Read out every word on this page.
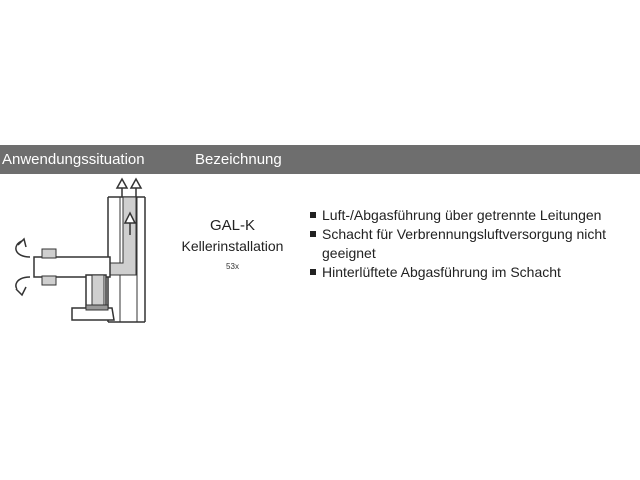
Anwendungssituation	Bezeichnung
GAL-K
Kellerinstallation
53x
Luft-/Abgasführung über getrennte Leitungen
Schacht für Verbrennungsluftversorgung nicht geeignet
Hinterlüftete Abgasführung im Schacht
